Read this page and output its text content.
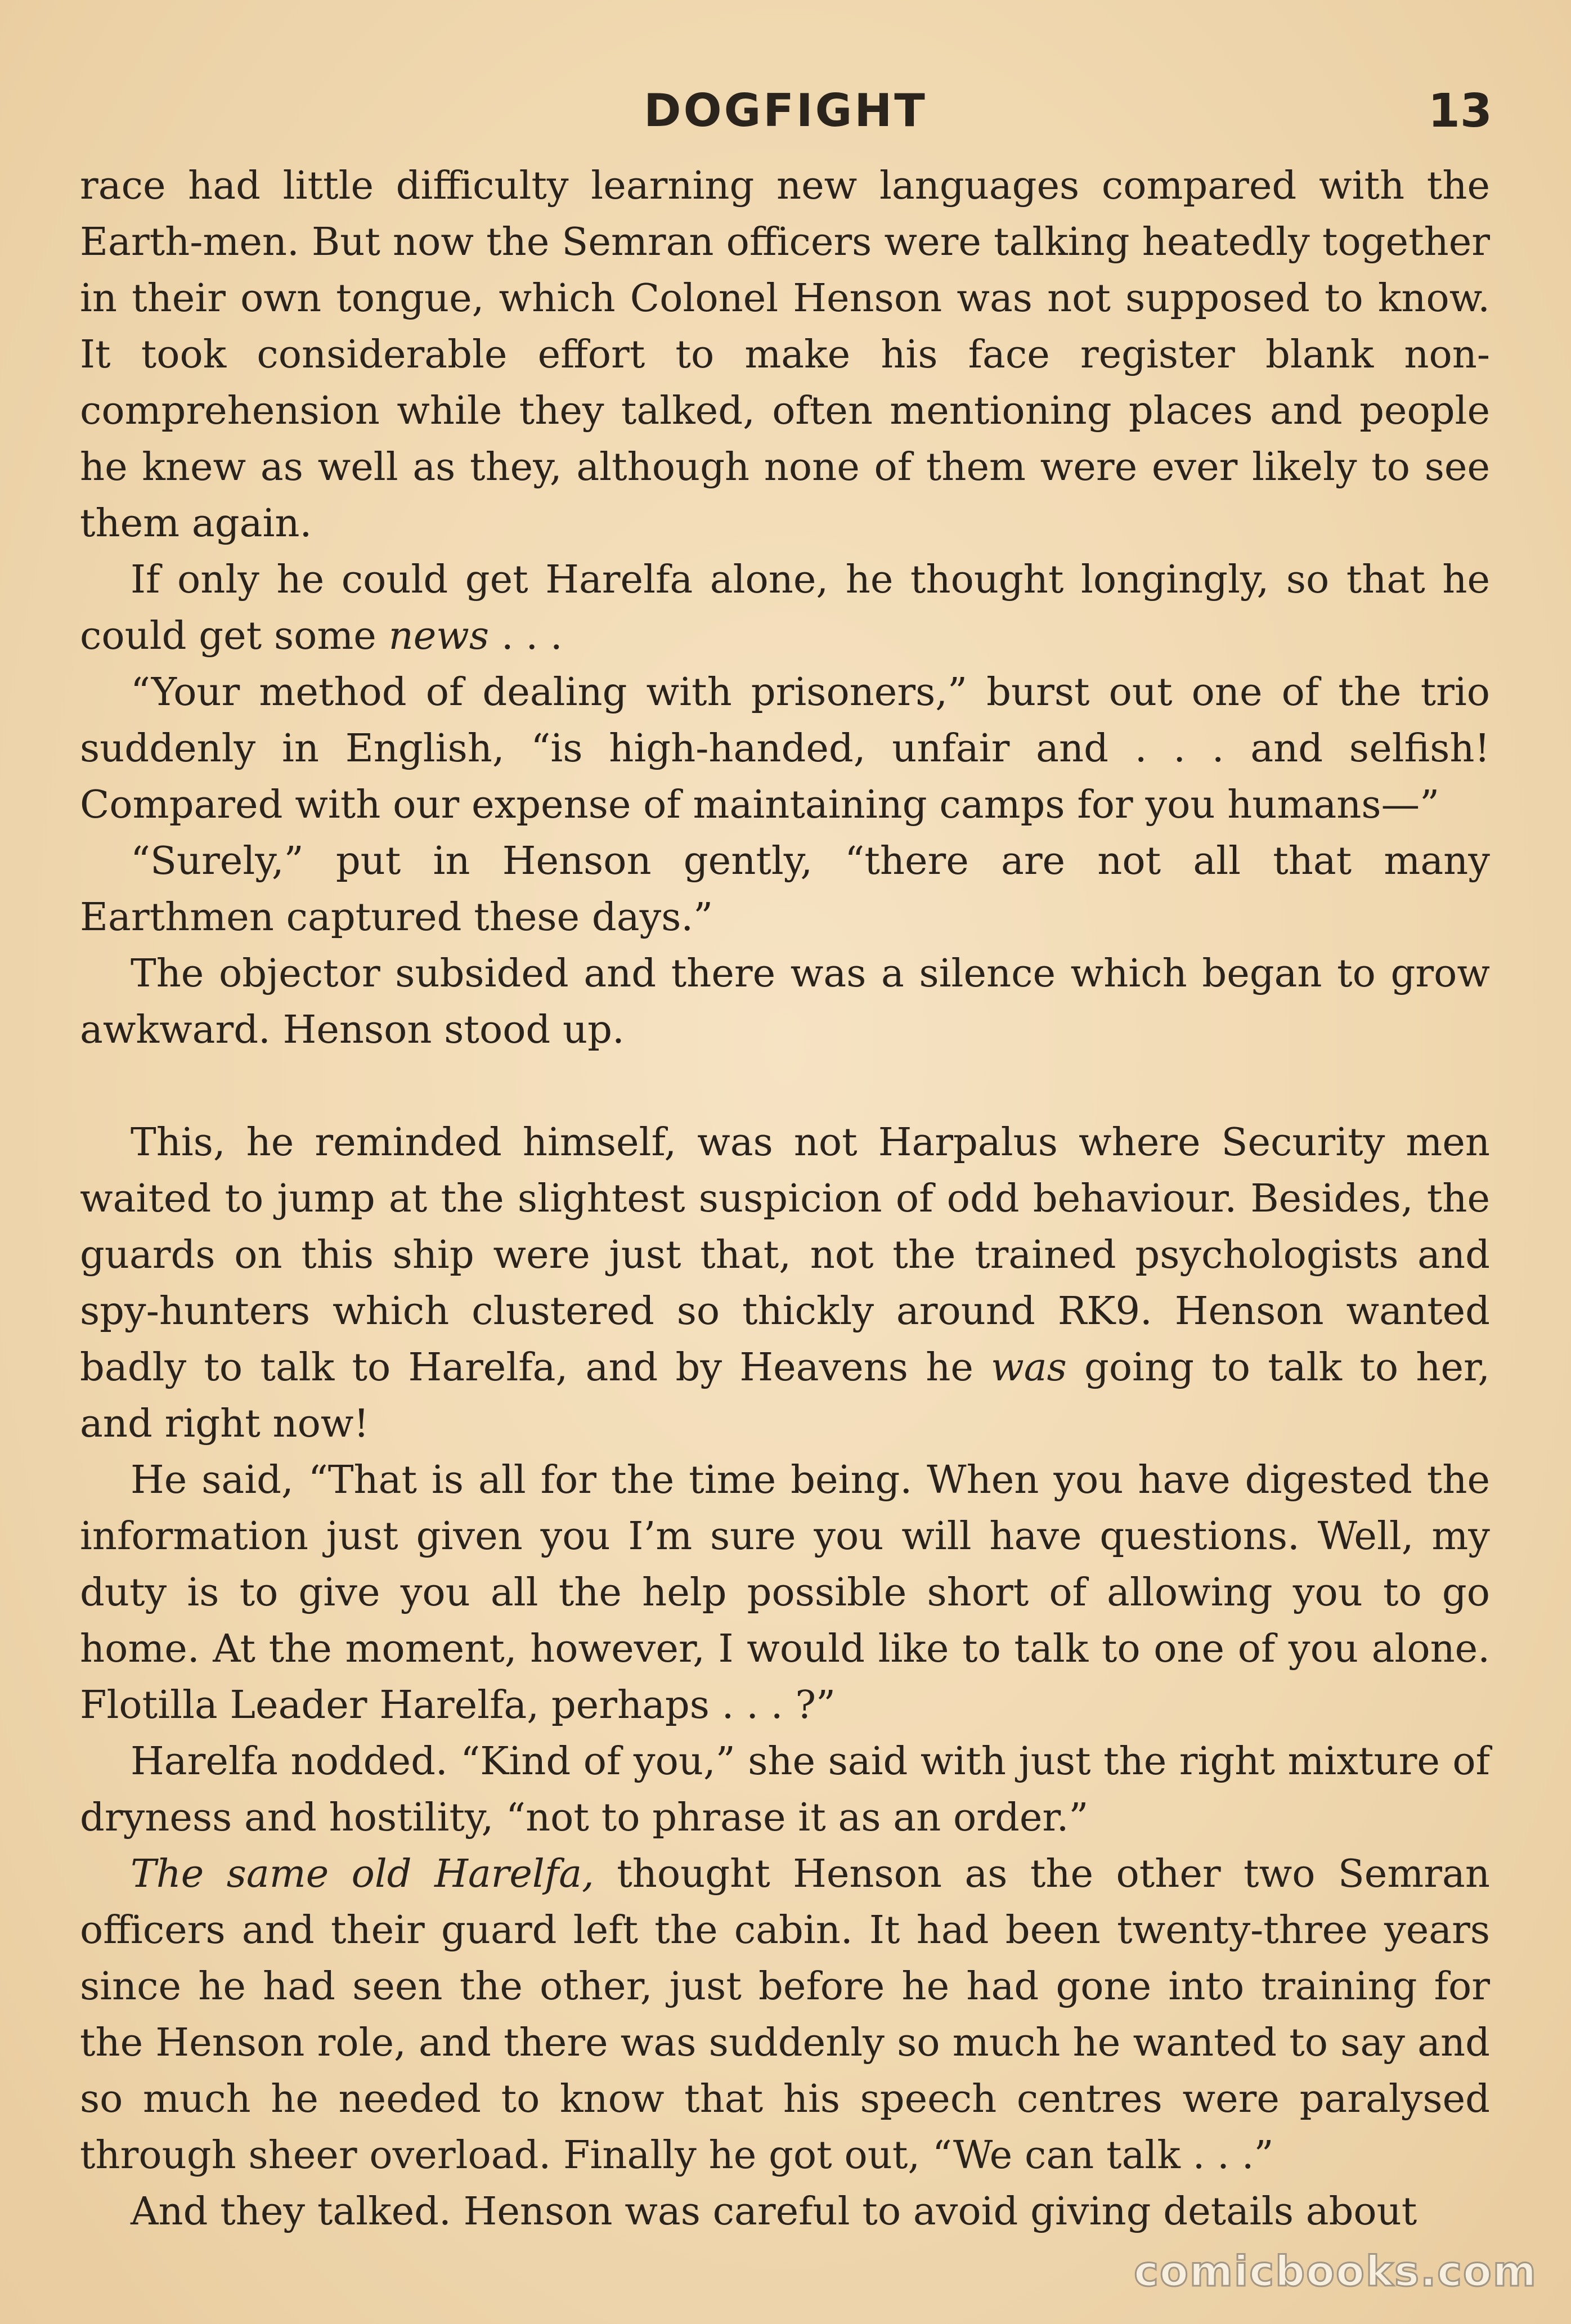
DOGFIGHT	13

race had little difficulty learning new languages compared with the Earth-men. But now the Semran officers were talking heatedly together in their own tongue, which Colonel Henson was not supposed to know. It took considerable effort to make his face register blank non-comprehension while they talked, often mentioning places and people he knew as well as they, although none of them were ever likely to see them again.

If only he could get Harelfa alone, he thought longingly, so that he could get some news . . .

“Your method of dealing with prisoners,” burst out one of the trio suddenly in English, “is high-handed, unfair and . . . and selfish! Compared with our expense of maintaining camps for you humans—”

“Surely,” put in Henson gently, “there are not all that many Earthmen captured these days.”

The objector subsided and there was a silence which began to grow awkward. Henson stood up.

This, he reminded himself, was not Harpalus where Security men waited to jump at the slightest suspicion of odd behaviour. Besides, the guards on this ship were just that, not the trained psychologists and spy-hunters which clustered so thickly around RK9. Henson wanted badly to talk to Harelfa, and by Heavens he was going to talk to her, and right now!

He said, “That is all for the time being. When you have digested the information just given you I’m sure you will have questions. Well, my duty is to give you all the help possible short of allowing you to go home. At the moment, however, I would like to talk to one of you alone. Flotilla Leader Harelfa, perhaps . . . ?”

Harelfa nodded. “Kind of you,” she said with just the right mixture of dryness and hostility, “not to phrase it as an order.”

The same old Harelfa, thought Henson as the other two Semran officers and their guard left the cabin. It had been twenty-three years since he had seen the other, just before he had gone into training for the Henson role, and there was suddenly so much he wanted to say and so much he needed to know that his speech centres were paralysed through sheer overload. Finally he got out, “We can talk . . .”

And they talked. Henson was careful to avoid giving details about

comicbooks.com
